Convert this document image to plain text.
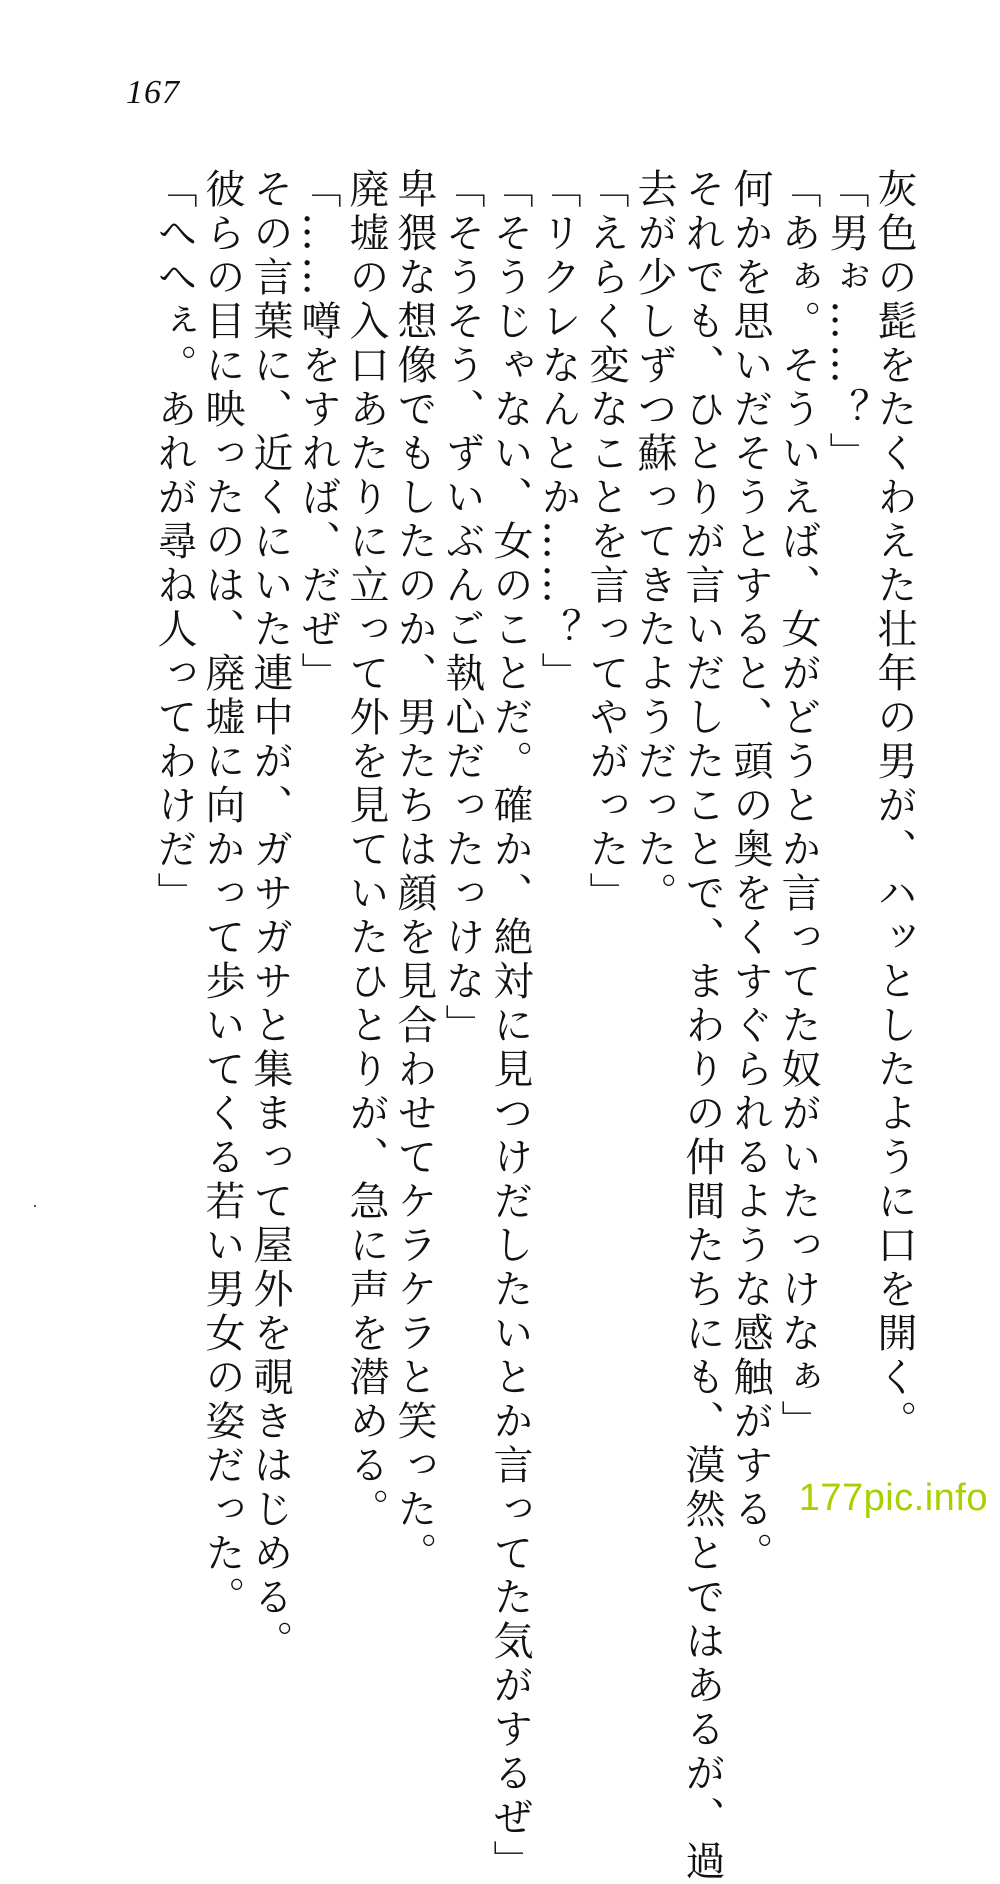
167
灰色の髭をたくわえた壮年の男が、ハッとしたように口を開く。
「男ぉ……？」
「あぁ。そういえば、女がどうとか言ってた奴がいたっけなぁ」
何かを思いだそうとすると、頭の奥をくすぐられるような感触がする。
それでも、ひとりが言いだしたことで、まわりの仲間たちにも、漠然とではあるが、過
去が少しずつ蘇ってきたようだった。
「えらく変なことを言ってやがった」
「リクレなんとか……？」
「そうじゃない、女のことだ。確か、絶対に見つけだしたいとか言ってた気がするぜ」
「そうそう、ずいぶんご執心だったっけな」
卑猥な想像でもしたのか、男たちは顔を見合わせてケラケラと笑った。
廃墟の入口あたりに立って外を見ていたひとりが、急に声を潜める。
「……噂をすれば、だぜ」
その言葉に、近くにいた連中が、ガサガサと集まって屋外を覗きはじめる。
彼らの目に映ったのは、廃墟に向かって歩いてくる若い男女の姿だった。
「へへぇ。あれが尋ね人ってわけだ」
177pic.info
